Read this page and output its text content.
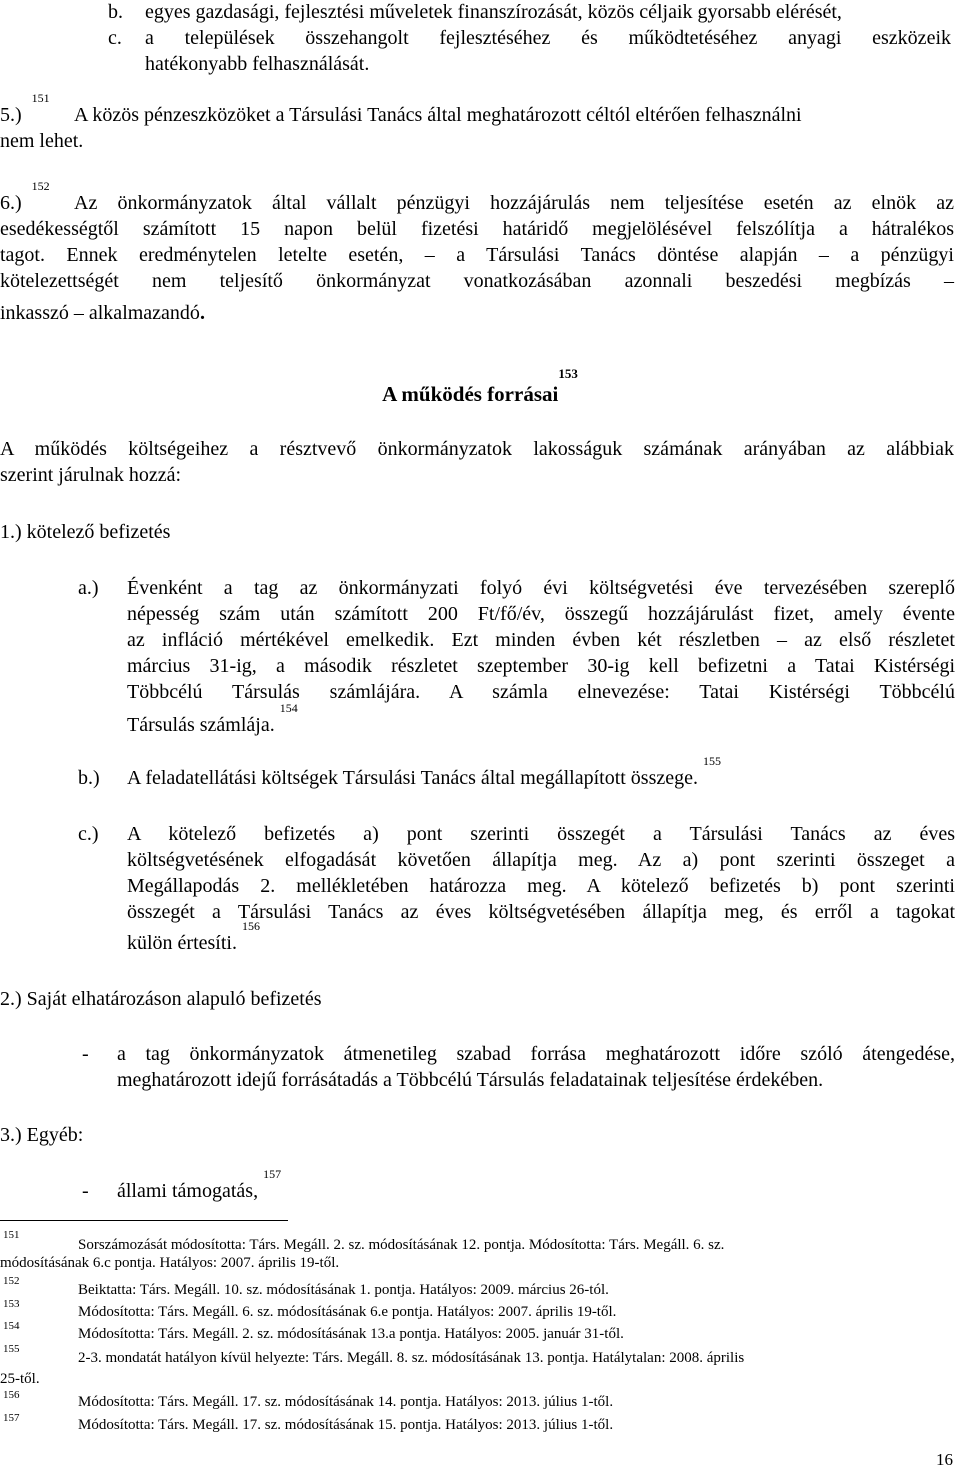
b. egyes gazdasági, fejlesztési műveletek finanszírozását, közös céljaik gyorsabb elérését,
c. a települések összehangolt fejlesztéséhez és működtetéséhez anyagi eszközeik
hatékonyabb felhasználását.
5.)  $^{151}$
A közös pénzeszközöket a Társulási Tanács által meghatározott céltól eltérően felhasználni
nem lehet.
6.)  $^{152}$
Az önkormányzatok által vállalt pénzügyi hozzájárulás nem teljesítése esetén az elnök az
esedékességtől számított 15 napon belül fizetési határidő megjelölésével felszólítja a hátralékos
tagot. Ennek eredménytelen letelte esetén, – a Társulási Tanács döntése alapján – a pénzügyi
kötelezettségét nem teljesítő önkormányzat vonatkozásában azonnali beszedési megbízás –
inkasszó – alkalmazandó.
A működés forrásai$^{153}$
A működés költségeihez a résztvevő önkormányzatok lakosságuk számának arányában az alábbiak
szerint járulnak hozzá:
1.) kötelező befizetés
a.) Évenként a tag az önkormányzati folyó évi költségvetési éve tervezésében szereplő
népesség szám után számított 200 Ft/fő/év, összegű hozzájárulást fizet, amely évente
az infláció mértékével emelkedik. Ezt minden évben két részletben – az első részletet
március 31-ig, a második részletet szeptember 30-ig kell befizetni a Tatai Kistérségi
Többcélú Társulás számlájára. A számla elnevezése: Tatai Kistérségi Többcélú
Társulás számlája. $^{154}$
b.) A feladatellátási költségek Társulási Tanács által megállapított összege. $^{155}$
c.) A kötelező befizetés a) pont szerinti összegét a Társulási Tanács az éves
költségvetésének elfogadását követően állapítja meg. Az a) pont szerinti összeget a
Megállapodás 2. mellékletében határozza meg. A kötelező befizetés b) pont szerinti
összegét a Társulási Tanács az éves költségvetésében állapítja meg, és erről a tagokat
külön értesíti. $^{156}$
2.) Saját elhatározáson alapuló befizetés
- a tag önkormányzatok átmenetileg szabad forrása meghatározott időre szóló átengedése,
meghatározott idejű forrásátadás a Többcélú Társulás feladatainak teljesítése érdekében.
3.) Egyéb:
- állami támogatás, $^{157}$
151
Sorszámozását módosította: Társ. Megáll. 2. sz. módosításának 12. pontja. Módosította: Társ. Megáll. 6. sz.
módosításának 6.c pontja. Hatályos: 2007. április 19-től.
152
Beiktatta: Társ. Megáll. 10. sz. módosításának 1. pontja. Hatályos: 2009. március 26-tól.
153	Módosította: Társ. Megáll. 6. sz. módosításának 6.e pontja. Hatályos: 2007. április 19-től.
154	Módosította: Társ. Megáll. 2. sz. módosításának 13.a pontja. Hatályos: 2005. január 31-től.
155
2-3. mondatát hatályon kívül helyezte: Társ. Megáll. 8. sz. módosításának 13. pontja. Hatálytalan: 2008. április
25-től.
156	Módosította: Társ. Megáll. 17. sz. módosításának 14. pontja. Hatályos: 2013. július 1-től.
157	Módosította: Társ. Megáll. 17. sz. módosításának 15. pontja. Hatályos: 2013. július 1-től.
16
